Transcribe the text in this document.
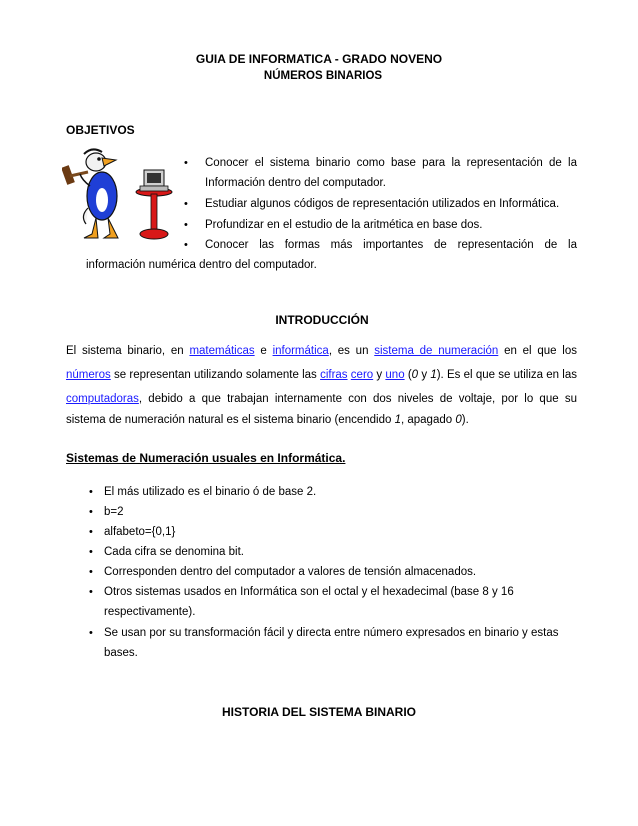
GUIA DE INFORMATICA - GRADO NOVENO
NÚMEROS BINARIOS
OBJETIVOS
• Conocer el sistema binario como base para la representación de la
Información dentro del computador.
• Estudiar algunos códigos de representación utilizados en Informática.
• Profundizar en el estudio de la aritmética en base dos.
• Conocer las formas más importantes de representación de la
información numérica dentro del computador.
INTRODUCCIÓN
El sistema binario, en matemáticas e informática, es un sistema de numeración en el que los
números se representan utilizando solamente las cifras cero y uno (0 y 1). Es el que se utiliza en las
computadoras, debido a que trabajan internamente con dos niveles de voltaje, por lo que su
sistema de numeración natural es el sistema binario (encendido 1, apagado 0).
Sistemas de Numeración usuales en Informática.
• El más utilizado es el binario ó de base 2.
• b=2
• alfabeto={0,1}
• Cada cifra se denomina bit.
• Corresponden dentro del computador a valores de tensión almacenados.
• Otros sistemas usados en Informática son el octal y el hexadecimal (base 8 y 16
respectivamente).
• Se usan por su transformación fácil y directa entre número expresados en binario y estas
bases.
HISTORIA DEL SISTEMA BINARIO
